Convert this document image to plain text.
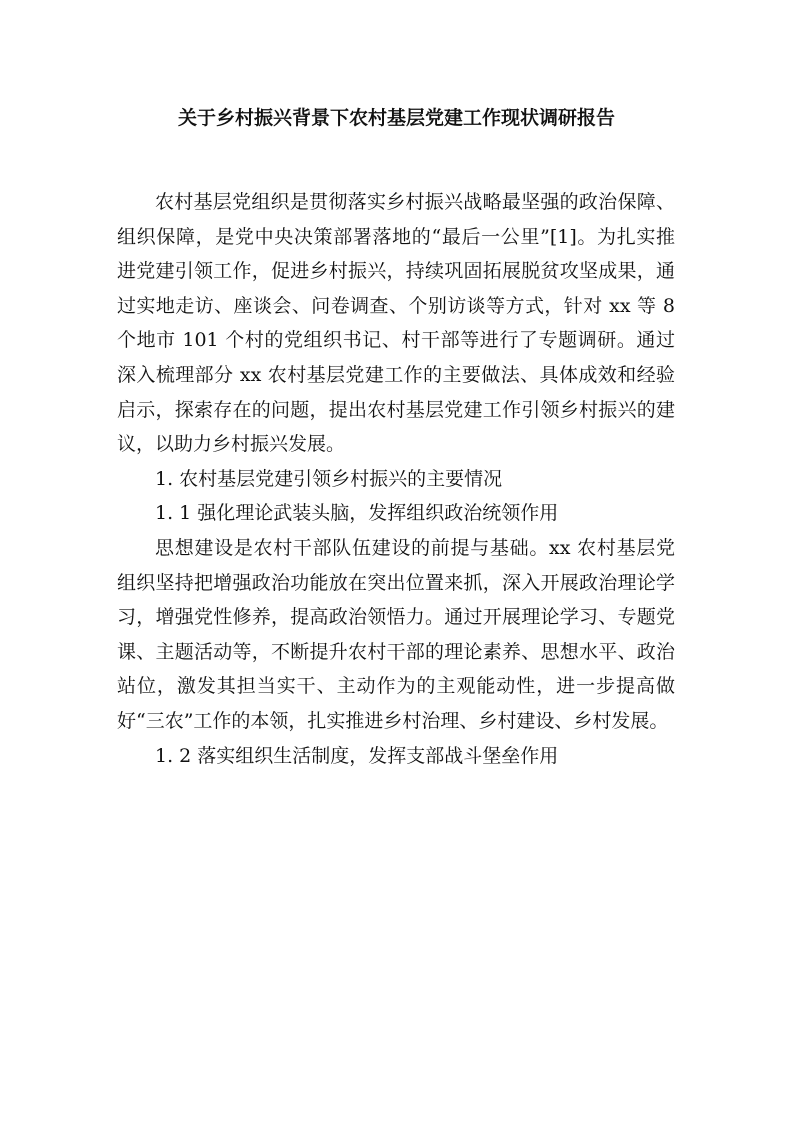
关于乡村振兴背景下农村基层党建工作现状调研报告

农村基层党组织是贯彻落实乡村振兴战略最坚强的政治保障、组织保障，是党中央决策部署落地的“最后一公里”[1]。为扎实推进党建引领工作，促进乡村振兴，持续巩固拓展脱贫攻坚成果，通过实地走访、座谈会、问卷调查、个别访谈等方式，针对 xx 等 8 个地市 101 个村的党组织书记、村干部等进行了专题调研。通过深入梳理部分 xx 农村基层党建工作的主要做法、具体成效和经验启示，探索存在的问题，提出农村基层党建工作引领乡村振兴的建议，以助力乡村振兴发展。

1. 农村基层党建引领乡村振兴的主要情况

1. 1 强化理论武装头脑，发挥组织政治统领作用

思想建设是农村干部队伍建设的前提与基础。xx 农村基层党组织坚持把增强政治功能放在突出位置来抓，深入开展政治理论学习，增强党性修养，提高政治领悟力。通过开展理论学习、专题党课、主题活动等，不断提升农村干部的理论素养、思想水平、政治站位，激发其担当实干、主动作为的主观能动性，进一步提高做好“三农”工作的本领，扎实推进乡村治理、乡村建设、乡村发展。

1. 2 落实组织生活制度，发挥支部战斗堡垒作用
